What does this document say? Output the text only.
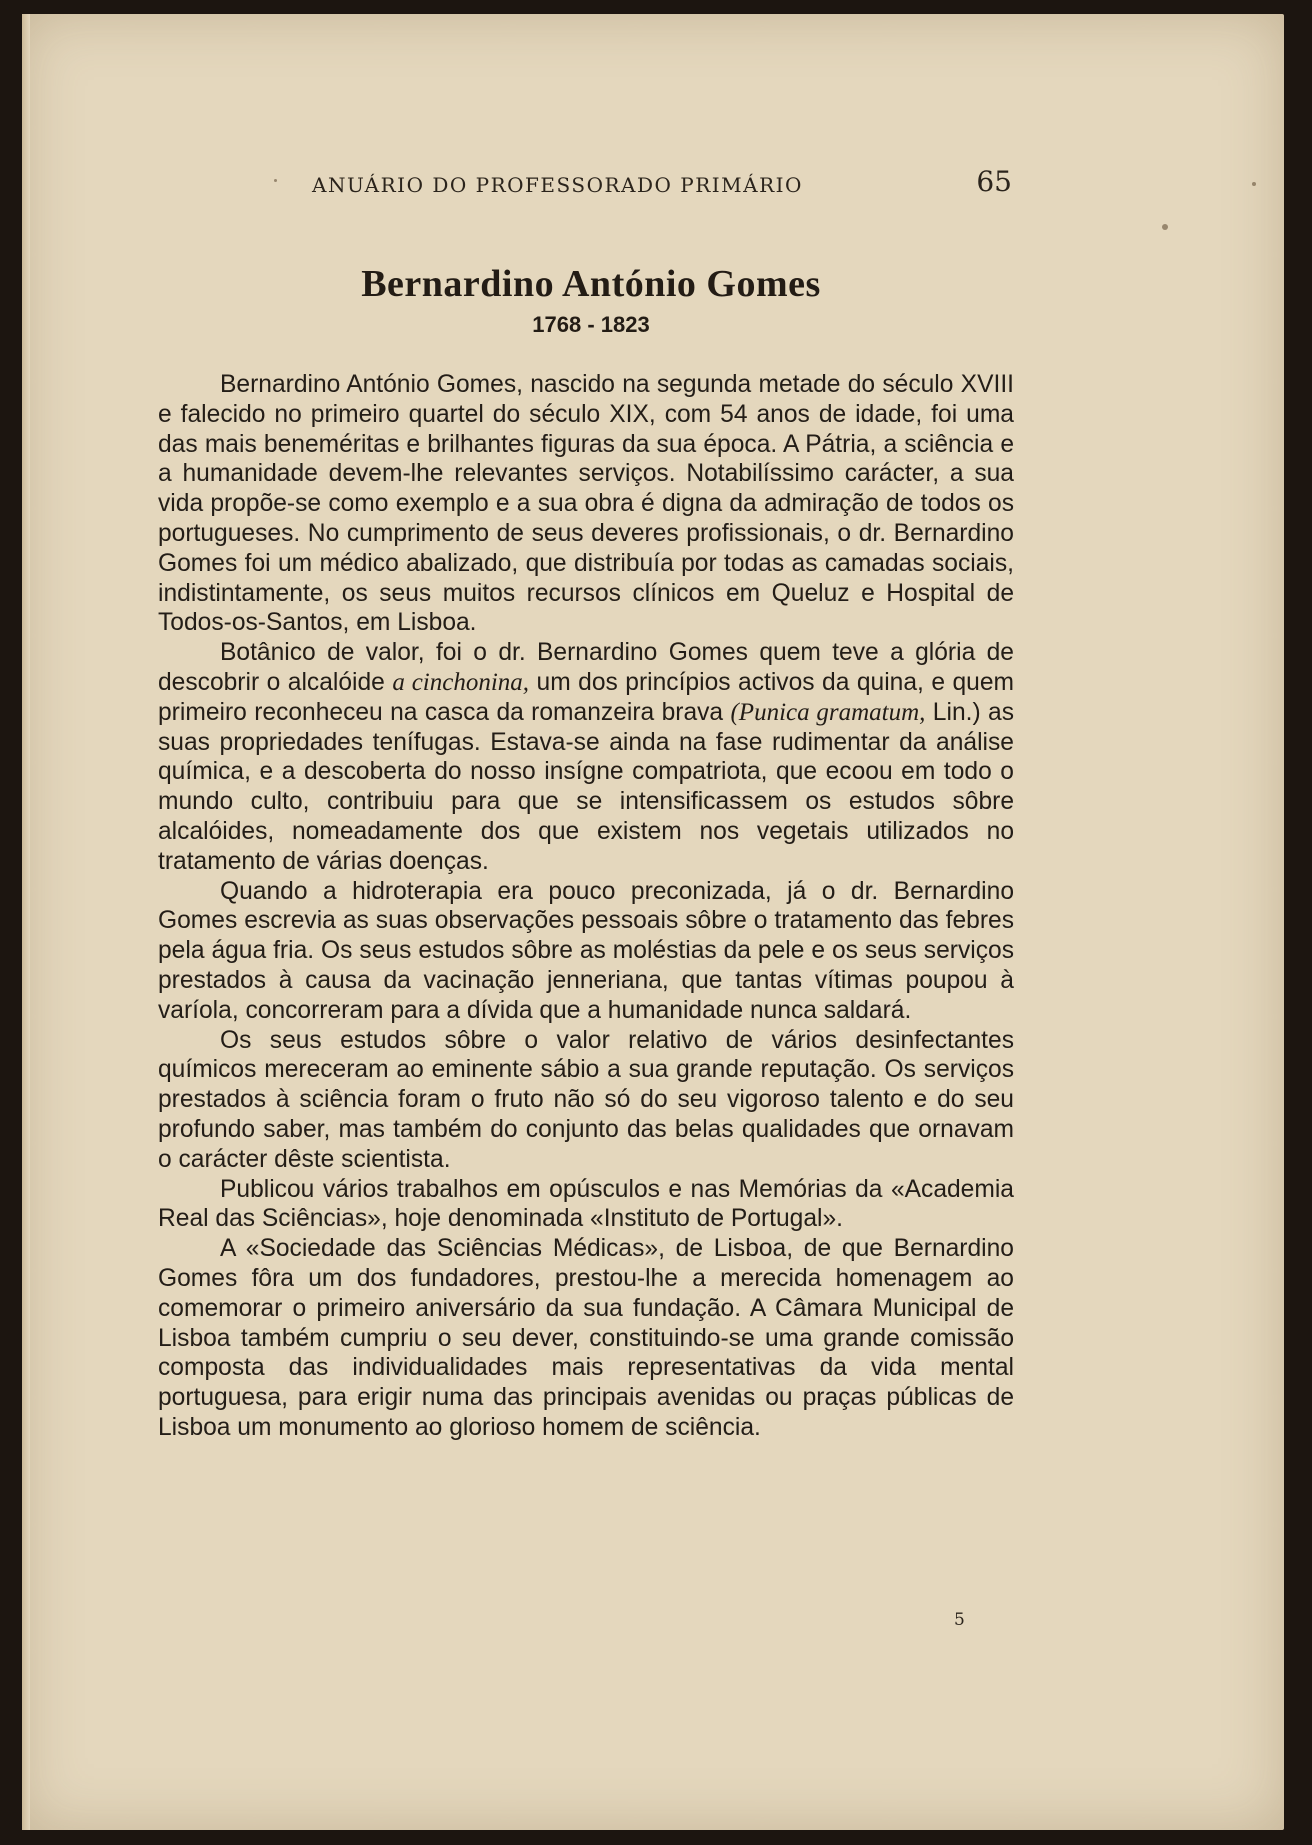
ANUÁRIO DO PROFESSORADO PRIMÁRIO	65
Bernardino António Gomes
1768 - 1823

Bernardino António Gomes, nascido na segunda metade do século XVIII e falecido no primeiro quartel do século XIX, com 54 anos de idade, foi uma das mais beneméritas e brilhantes figuras da sua época. A Pátria, a sciência e a humanidade devem-lhe relevantes serviços. Notabilíssimo carácter, a sua vida propõe-se como exemplo e a sua obra é digna da admiração de todos os portugueses. No cumprimento de seus deveres profissionais, o dr. Bernardino Gomes foi um médico abalizado, que distribuía por todas as camadas sociais, indistintamente, os seus muitos recursos clínicos em Queluz e Hospital de Todos-os-Santos, em Lisboa.

Botânico de valor, foi o dr. Bernardino Gomes quem teve a glória de descobrir o alcalóide a cinchonina, um dos princípios activos da quina, e quem primeiro reconheceu na casca da romanzeira brava (Punica gramatum, Lin.) as suas propriedades tenífugas. Estava-se ainda na fase rudimentar da análise química, e a descoberta do nosso insígne compatriota, que ecoou em todo o mundo culto, contribuiu para que se intensificassem os estudos sôbre alcalóides, nomeadamente dos que existem nos vegetais utilizados no tratamento de várias doenças.

Quando a hidroterapia era pouco preconizada, já o dr. Bernardino Gomes escrevia as suas observações pessoais sôbre o tratamento das febres pela água fria. Os seus estudos sôbre as moléstias da pele e os seus serviços prestados à causa da vacinação jenneriana, que tantas vítimas poupou à varíola, concorreram para a dívida que a humanidade nunca saldará.

Os seus estudos sôbre o valor relativo de vários desinfectantes químicos mereceram ao eminente sábio a sua grande reputação. Os serviços prestados à sciência foram o fruto não só do seu vigoroso talento e do seu profundo saber, mas também do conjunto das belas qualidades que ornavam o carácter dêste scientista.

Publicou vários trabalhos em opúsculos e nas Memórias da «Academia Real das Sciências», hoje denominada «Instituto de Portugal».

A «Sociedade das Sciências Médicas», de Lisboa, de que Bernardino Gomes fôra um dos fundadores, prestou-lhe a merecida homenagem ao comemorar o primeiro aniversário da sua fundação. A Câmara Municipal de Lisboa também cumpriu o seu dever, constituindo-se uma grande comissão composta das individualidades mais representativas da vida mental portuguesa, para erigir numa das principais avenidas ou praças públicas de Lisboa um monumento ao glorioso homem de sciência.

5
